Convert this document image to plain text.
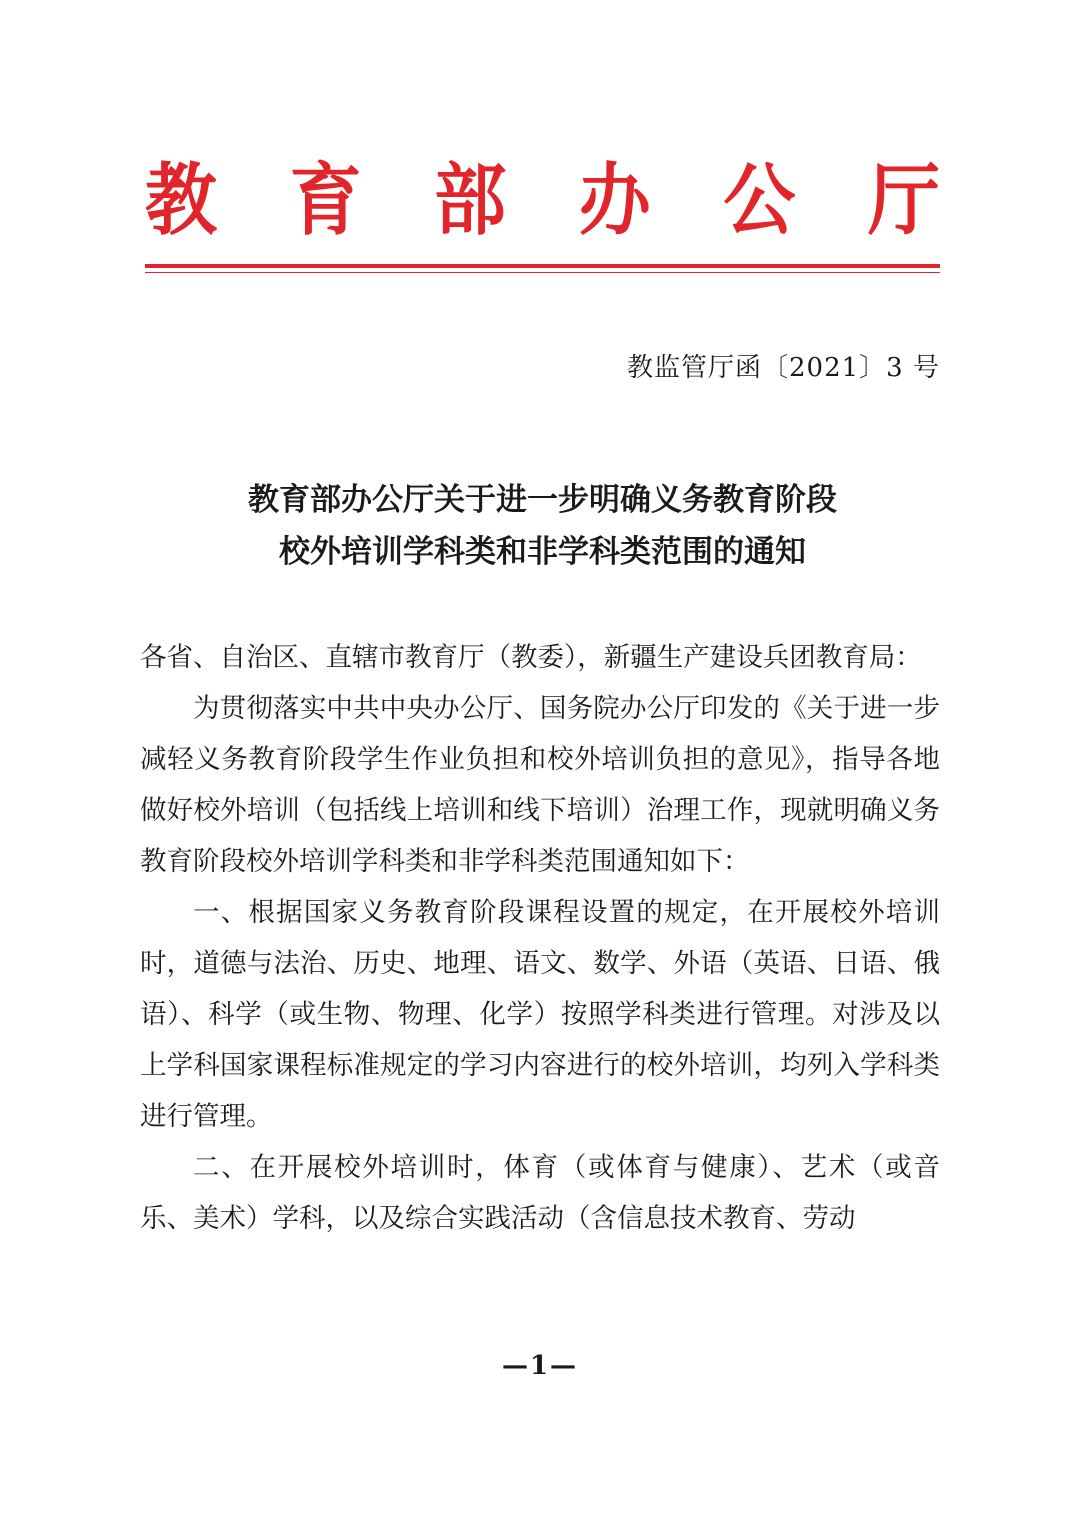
教 育 部 办 公 厅
教监管厅函〔2021〕3 号
教育部办公厅关于进一步明确义务教育阶段
校外培训学科类和非学科类范围的通知

各省、自治区、直辖市教育厅（教委），新疆生产建设兵团教育局：

为贯彻落实中共中央办公厅、国务院办公厅印发的《关于进一步减轻义务教育阶段学生作业负担和校外培训负担的意见》，指导各地做好校外培训（包括线上培训和线下培训）治理工作，现就明确义务教育阶段校外培训学科类和非学科类范围通知如下：

一、根据国家义务教育阶段课程设置的规定，在开展校外培训时，道德与法治、历史、地理、语文、数学、外语（英语、日语、俄语）、科学（或生物、物理、化学）按照学科类进行管理。对涉及以上学科国家课程标准规定的学习内容进行的校外培训，均列入学科类进行管理。

二、在开展校外培训时，体育（或体育与健康）、艺术（或音乐、美术）学科，以及综合实践活动（含信息技术教育、劳动

—1—
